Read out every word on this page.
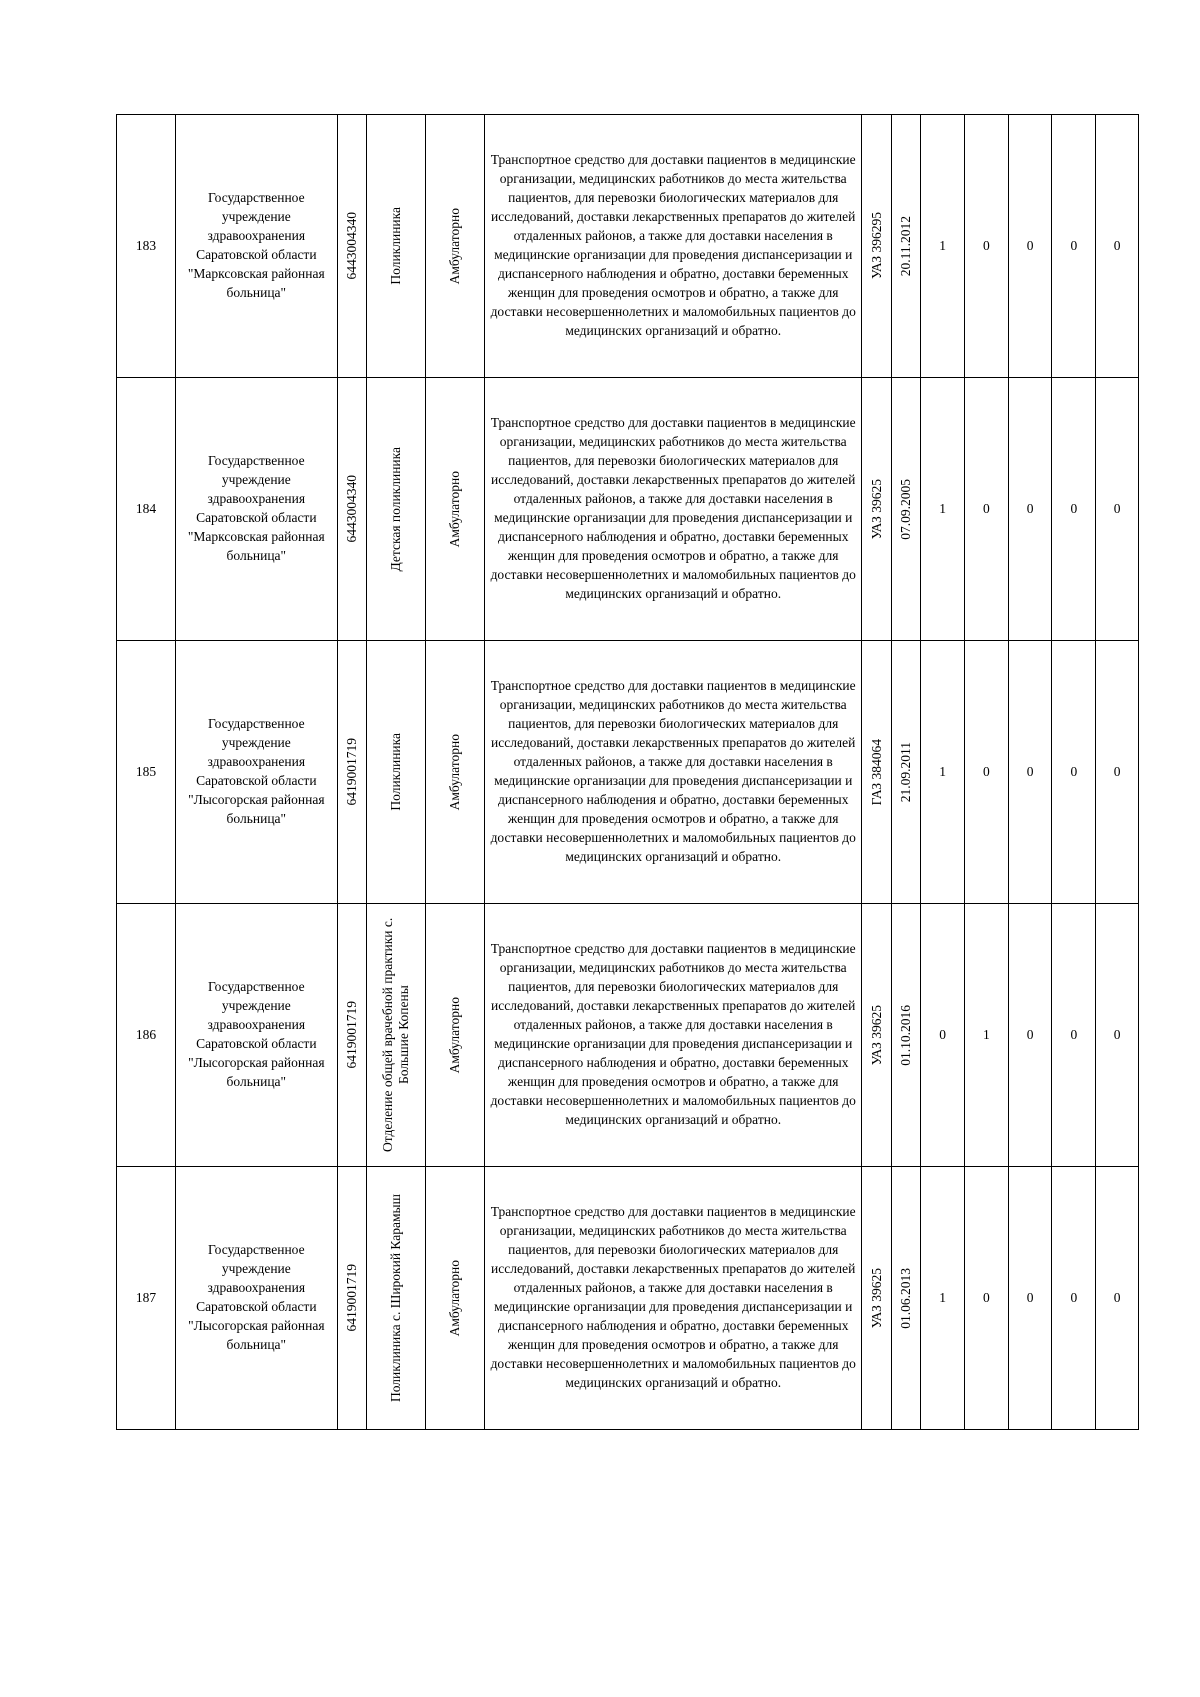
183	Государственное учреждение здравоохранения Саратовской области "Марксовская районная больница"	6443004340	Поликлиника	Амбулаторно	Транспортное средство для доставки пациентов в медицинские организации, медицинских работников до места жительства пациентов, для перевозки биологических материалов для исследований, доставки лекарственных препаратов до жителей отдаленных районов, а также для доставки населения в медицинские организации для проведения диспансеризации и диспансерного наблюдения и обратно, доставки беременных женщин для проведения осмотров и обратно, а также для доставки несовершеннолетних и маломобильных пациентов до медицинских организаций и обратно.	УАЗ 396295	20.11.2012	1	0	0	0	0
184	Государственное учреждение здравоохранения Саратовской области "Марксовская районная больница"	6443004340	Детская поликлиника	Амбулаторно	Транспортное средство для доставки пациентов в медицинские организации, медицинских работников до места жительства пациентов, для перевозки биологических материалов для исследований, доставки лекарственных препаратов до жителей отдаленных районов, а также для доставки населения в медицинские организации для проведения диспансеризации и диспансерного наблюдения и обратно, доставки беременных женщин для проведения осмотров и обратно, а также для доставки несовершеннолетних и маломобильных пациентов до медицинских организаций и обратно.	УАЗ 39625	07.09.2005	1	0	0	0	0
185	Государственное учреждение здравоохранения Саратовской области "Лысогорская районная больница"	6419001719	Поликлиника	Амбулаторно	Транспортное средство для доставки пациентов в медицинские организации, медицинских работников до места жительства пациентов, для перевозки биологических материалов для исследований, доставки лекарственных препаратов до жителей отдаленных районов, а также для доставки населения в медицинские организации для проведения диспансеризации и диспансерного наблюдения и обратно, доставки беременных женщин для проведения осмотров и обратно, а также для доставки несовершеннолетних и маломобильных пациентов до медицинских организаций и обратно.	ГАЗ 384064	21.09.2011	1	0	0	0	0
186	Государственное учреждение здравоохранения Саратовской области "Лысогорская районная больница"	6419001719	Отделение общей врачебной практики с. Большие Копены	Амбулаторно	Транспортное средство для доставки пациентов в медицинские организации, медицинских работников до места жительства пациентов, для перевозки биологических материалов для исследований, доставки лекарственных препаратов до жителей отдаленных районов, а также для доставки населения в медицинские организации для проведения диспансеризации и диспансерного наблюдения и обратно, доставки беременных женщин для проведения осмотров и обратно, а также для доставки несовершеннолетних и маломобильных пациентов до медицинских организаций и обратно.	УАЗ 39625	01.10.2016	0	1	0	0	0
187	Государственное учреждение здравоохранения Саратовской области "Лысогорская районная больница"	6419001719	Поликлиника с. Широкий Карамыш	Амбулаторно	Транспортное средство для доставки пациентов в медицинские организации, медицинских работников до места жительства пациентов, для перевозки биологических материалов для исследований, доставки лекарственных препаратов до жителей отдаленных районов, а также для доставки населения в медицинские организации для проведения диспансеризации и диспансерного наблюдения и обратно, доставки беременных женщин для проведения осмотров и обратно, а также для доставки несовершеннолетних и маломобильных пациентов до медицинских организаций и обратно.	УАЗ 39625	01.06.2013	1	0	0	0	0
